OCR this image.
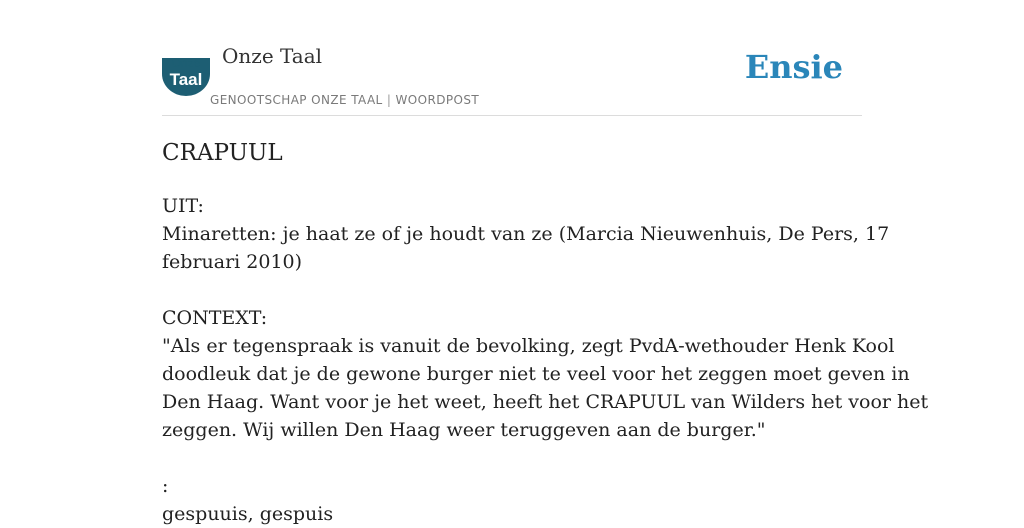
Onze
Taal
Onze Taal
GENOOTSCHAP ONZE TAAL | WOORDPOST
Ensie
CRAPUUL
UIT:
Minaretten: je haat ze of je houdt van ze (Marcia Nieuwenhuis, De Pers, 17
februari 2010)
CONTEXT:
"Als er tegenspraak is vanuit de bevolking, zegt PvdA-wethouder Henk Kool
doodleuk dat je de gewone burger niet te veel voor het zeggen moet geven in
Den Haag. Want voor je het weet, heeft het CRAPUUL van Wilders het voor het
zeggen. Wij willen Den Haag weer teruggeven aan de burger."
:
gespuuis, gespuis
